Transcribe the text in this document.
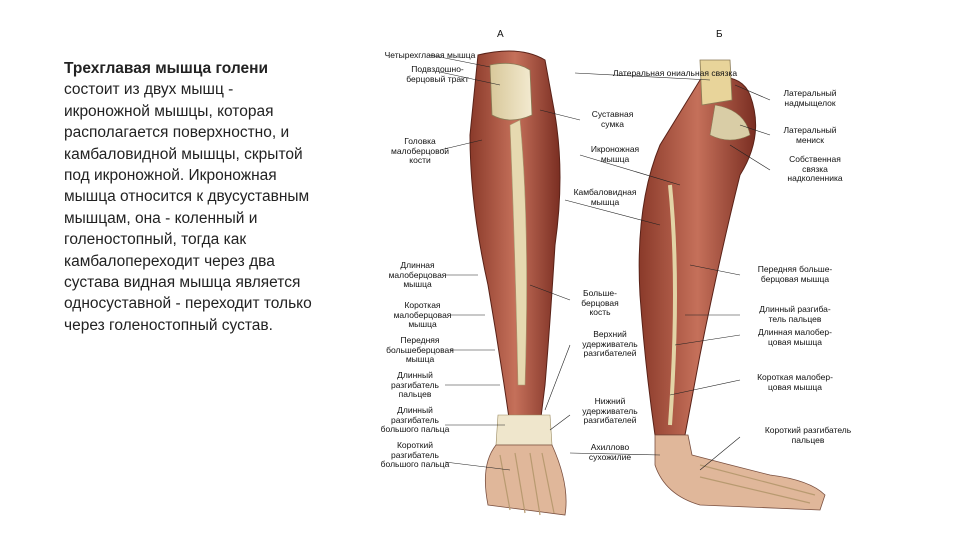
Трехглавая мышца голени состоит из двух мышц - икроножной мышцы, которая располагается поверхностно, и камбаловидной мышцы, скрытой под икроножной. Икроножная мышца относится к двусуставным мышцам, она - коленный и голеностопный, тогда как камбалопереходит через два сустава видная мышца является односуставной - переходит только через голеностопный сустав.
А	Б
Четырехглавая мышца
Подвздошно-
берцовый тракт
Головка
малоберцовой
кости
Длинная
малоберцовая
мышца
Короткая
малоберцовая
мышца
Передняя
большеберцовая
мышца
Длинный
разгибатель
пальцев
Длинный
разгибатель
большого пальца
Короткий
разгибатель
большого пальца
Латеральная ониальная связка
Суставная
сумка
Икроножная
мышца
Камбаловидная
мышца
Больше-
берцовая
кость
Верхний
удерживатель
разгибателей
Нижний
удерживатель
разгибателей
Ахиллово
сухожилие
Латеральный
надмыщелок
Латеральный
мениск
Собственная
связка
надколенника
Передняя больше-
берцовая мышца
Длинный разгиба-
тель пальцев
Длинная малобер-
цовая мышца
Короткая малобер-
цовая мышца
Короткий разгибатель
пальцев
